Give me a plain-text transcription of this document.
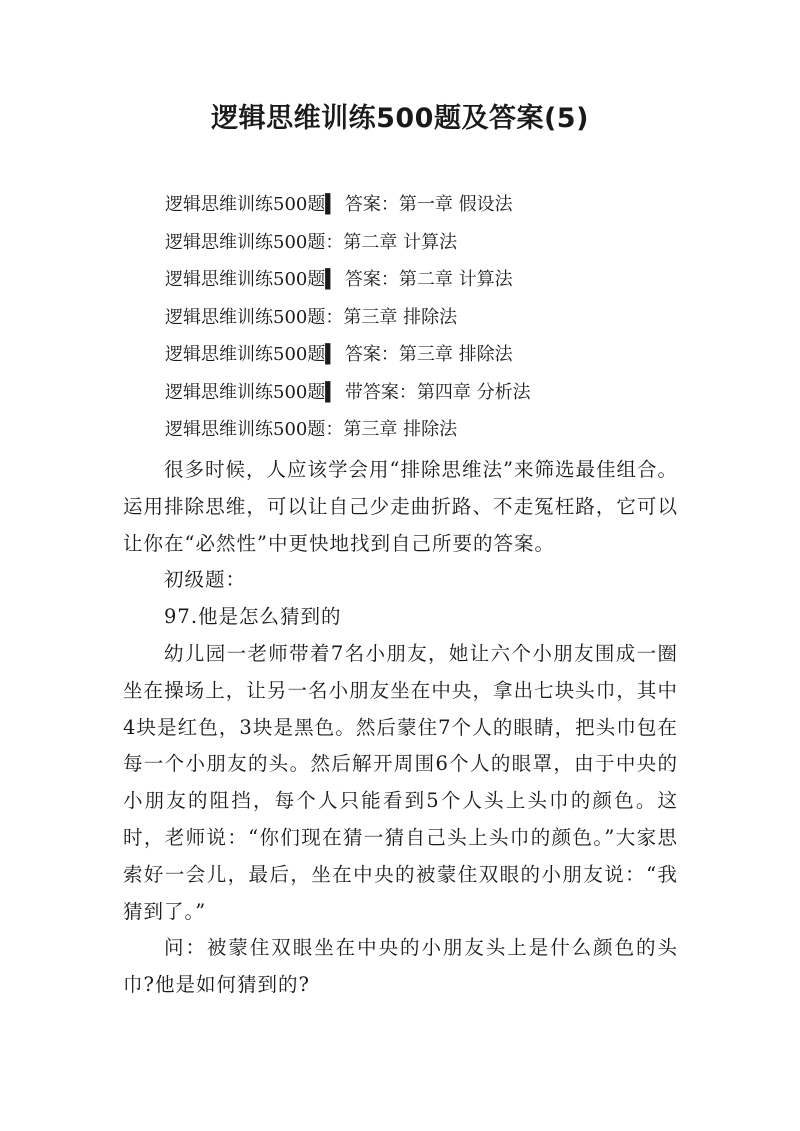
逻辑思维训练500题及答案(5)
逻辑思维训练500题▍ 答案：第一章 假设法
逻辑思维训练500题：第二章 计算法
逻辑思维训练500题▍ 答案：第二章 计算法
逻辑思维训练500题：第三章 排除法
逻辑思维训练500题▍ 答案：第三章 排除法
逻辑思维训练500题▍ 带答案：第四章 分析法
逻辑思维训练500题：第三章 排除法

很多时候，人应该学会用“排除思维法”来筛选最佳组合。运用排除思维，可以让自己少走曲折路、不走冤枉路，它可以让你在“必然性”中更快地找到自己所要的答案。

初级题：

97.他是怎么猜到的

幼儿园一老师带着7名小朋友，她让六个小朋友围成一圈坐在操场上，让另一名小朋友坐在中央，拿出七块头巾，其中4块是红色，3块是黑色。然后蒙住7个人的眼睛，把头巾包在每一个小朋友的头。然后解开周围6个人的眼罩，由于中央的小朋友的阻挡，每个人只能看到5个人头上头巾的颜色。这时，老师说：“你们现在猜一猜自己头上头巾的颜色。”大家思索好一会儿，最后，坐在中央的被蒙住双眼的小朋友说：“我猜到了。”

问：被蒙住双眼坐在中央的小朋友头上是什么颜色的头巾?他是如何猜到的?
